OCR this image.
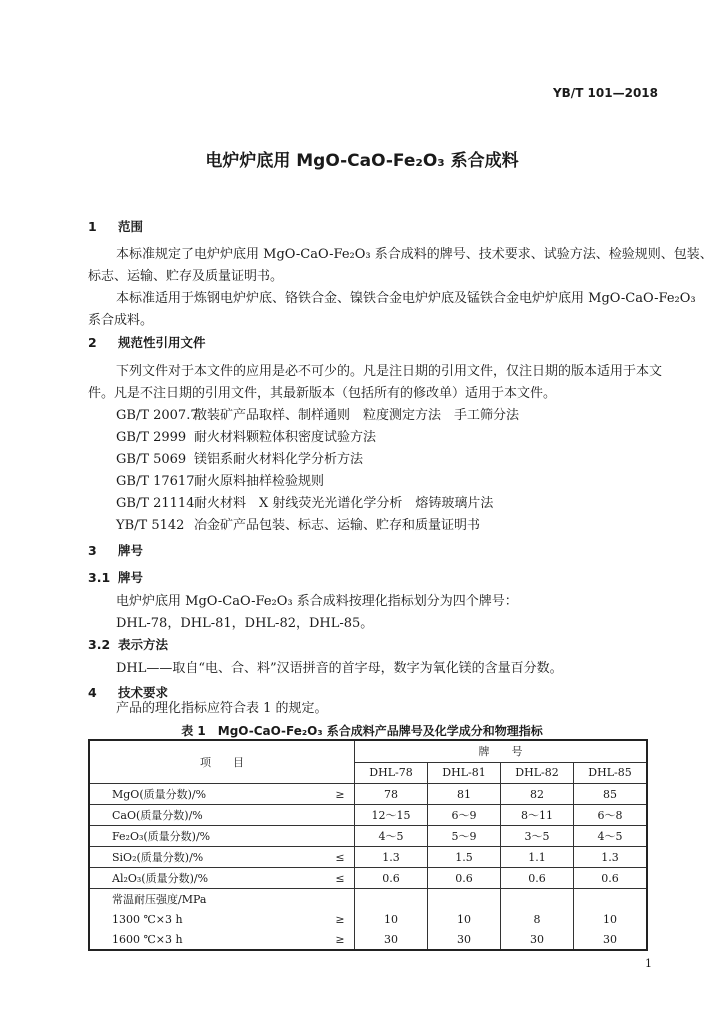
YB/T 101—2018
电炉炉底用 MgO-CaO-Fe₂O₃ 系合成料
1 范围
本标准规定了电炉炉底用 MgO-CaO-Fe₂O₃ 系合成料的牌号、技术要求、试验方法、检验规则、包装、
标志、运输、贮存及质量证明书。
本标准适用于炼钢电炉炉底、铬铁合金、镍铁合金电炉炉底及锰铁合金电炉炉底用 MgO-CaO-Fe₂O₃
系合成料。
2 规范性引用文件
下列文件对于本文件的应用是必不可少的。凡是注日期的引用文件，仅注日期的版本适用于本文
件。凡是不注日期的引用文件，其最新版本（包括所有的修改单）适用于本文件。
GB/T 2007.7散装矿产品取样、制样通则　粒度测定方法　手工筛分法
GB/T 2999 耐火材料颗粒体积密度试验方法
GB/T 5069 镁铝系耐火材料化学分析方法
GB/T 17617耐火原料抽样检验规则
GB/T 21114耐火材料　X 射线荧光光谱化学分析　熔铸玻璃片法
YB/T 5142 冶金矿产品包装、标志、运输、贮存和质量证明书
3 牌号
3.1 牌号
电炉炉底用 MgO-CaO-Fe₂O₃ 系合成料按理化指标划分为四个牌号：
DHL-78，DHL-81，DHL-82，DHL-85。
3.2 表示方法
DHL——取自“电、合、料”汉语拼音的首字母，数字为氧化镁的含量百分数。
4 技术要求
产品的理化指标应符合表 1 的规定。
表 1　MgO-CaO-Fe₂O₃ 系合成料产品牌号及化学成分和物理指标
项　　目		牌　　号			
		DHL-78	DHL-81	DHL-82	DHL-85
MgO(质量分数)/%	≥	78	81	82	85
CaO(质量分数)/%		12～15	6～9	8～11	6～8
Fe₂O₃(质量分数)/%		4～5	5～9	3～5	4～5
SiO₂(质量分数)/%	≤	1.3	1.5	1.1	1.3
Al₂O₃(质量分数)/%	≤	0.6	0.6	0.6	0.6
常温耐压强度/MPa					
1300 ℃×3 h	≥	10	10	8	10
1600 ℃×3 h	≥	30	30	30	30
1
